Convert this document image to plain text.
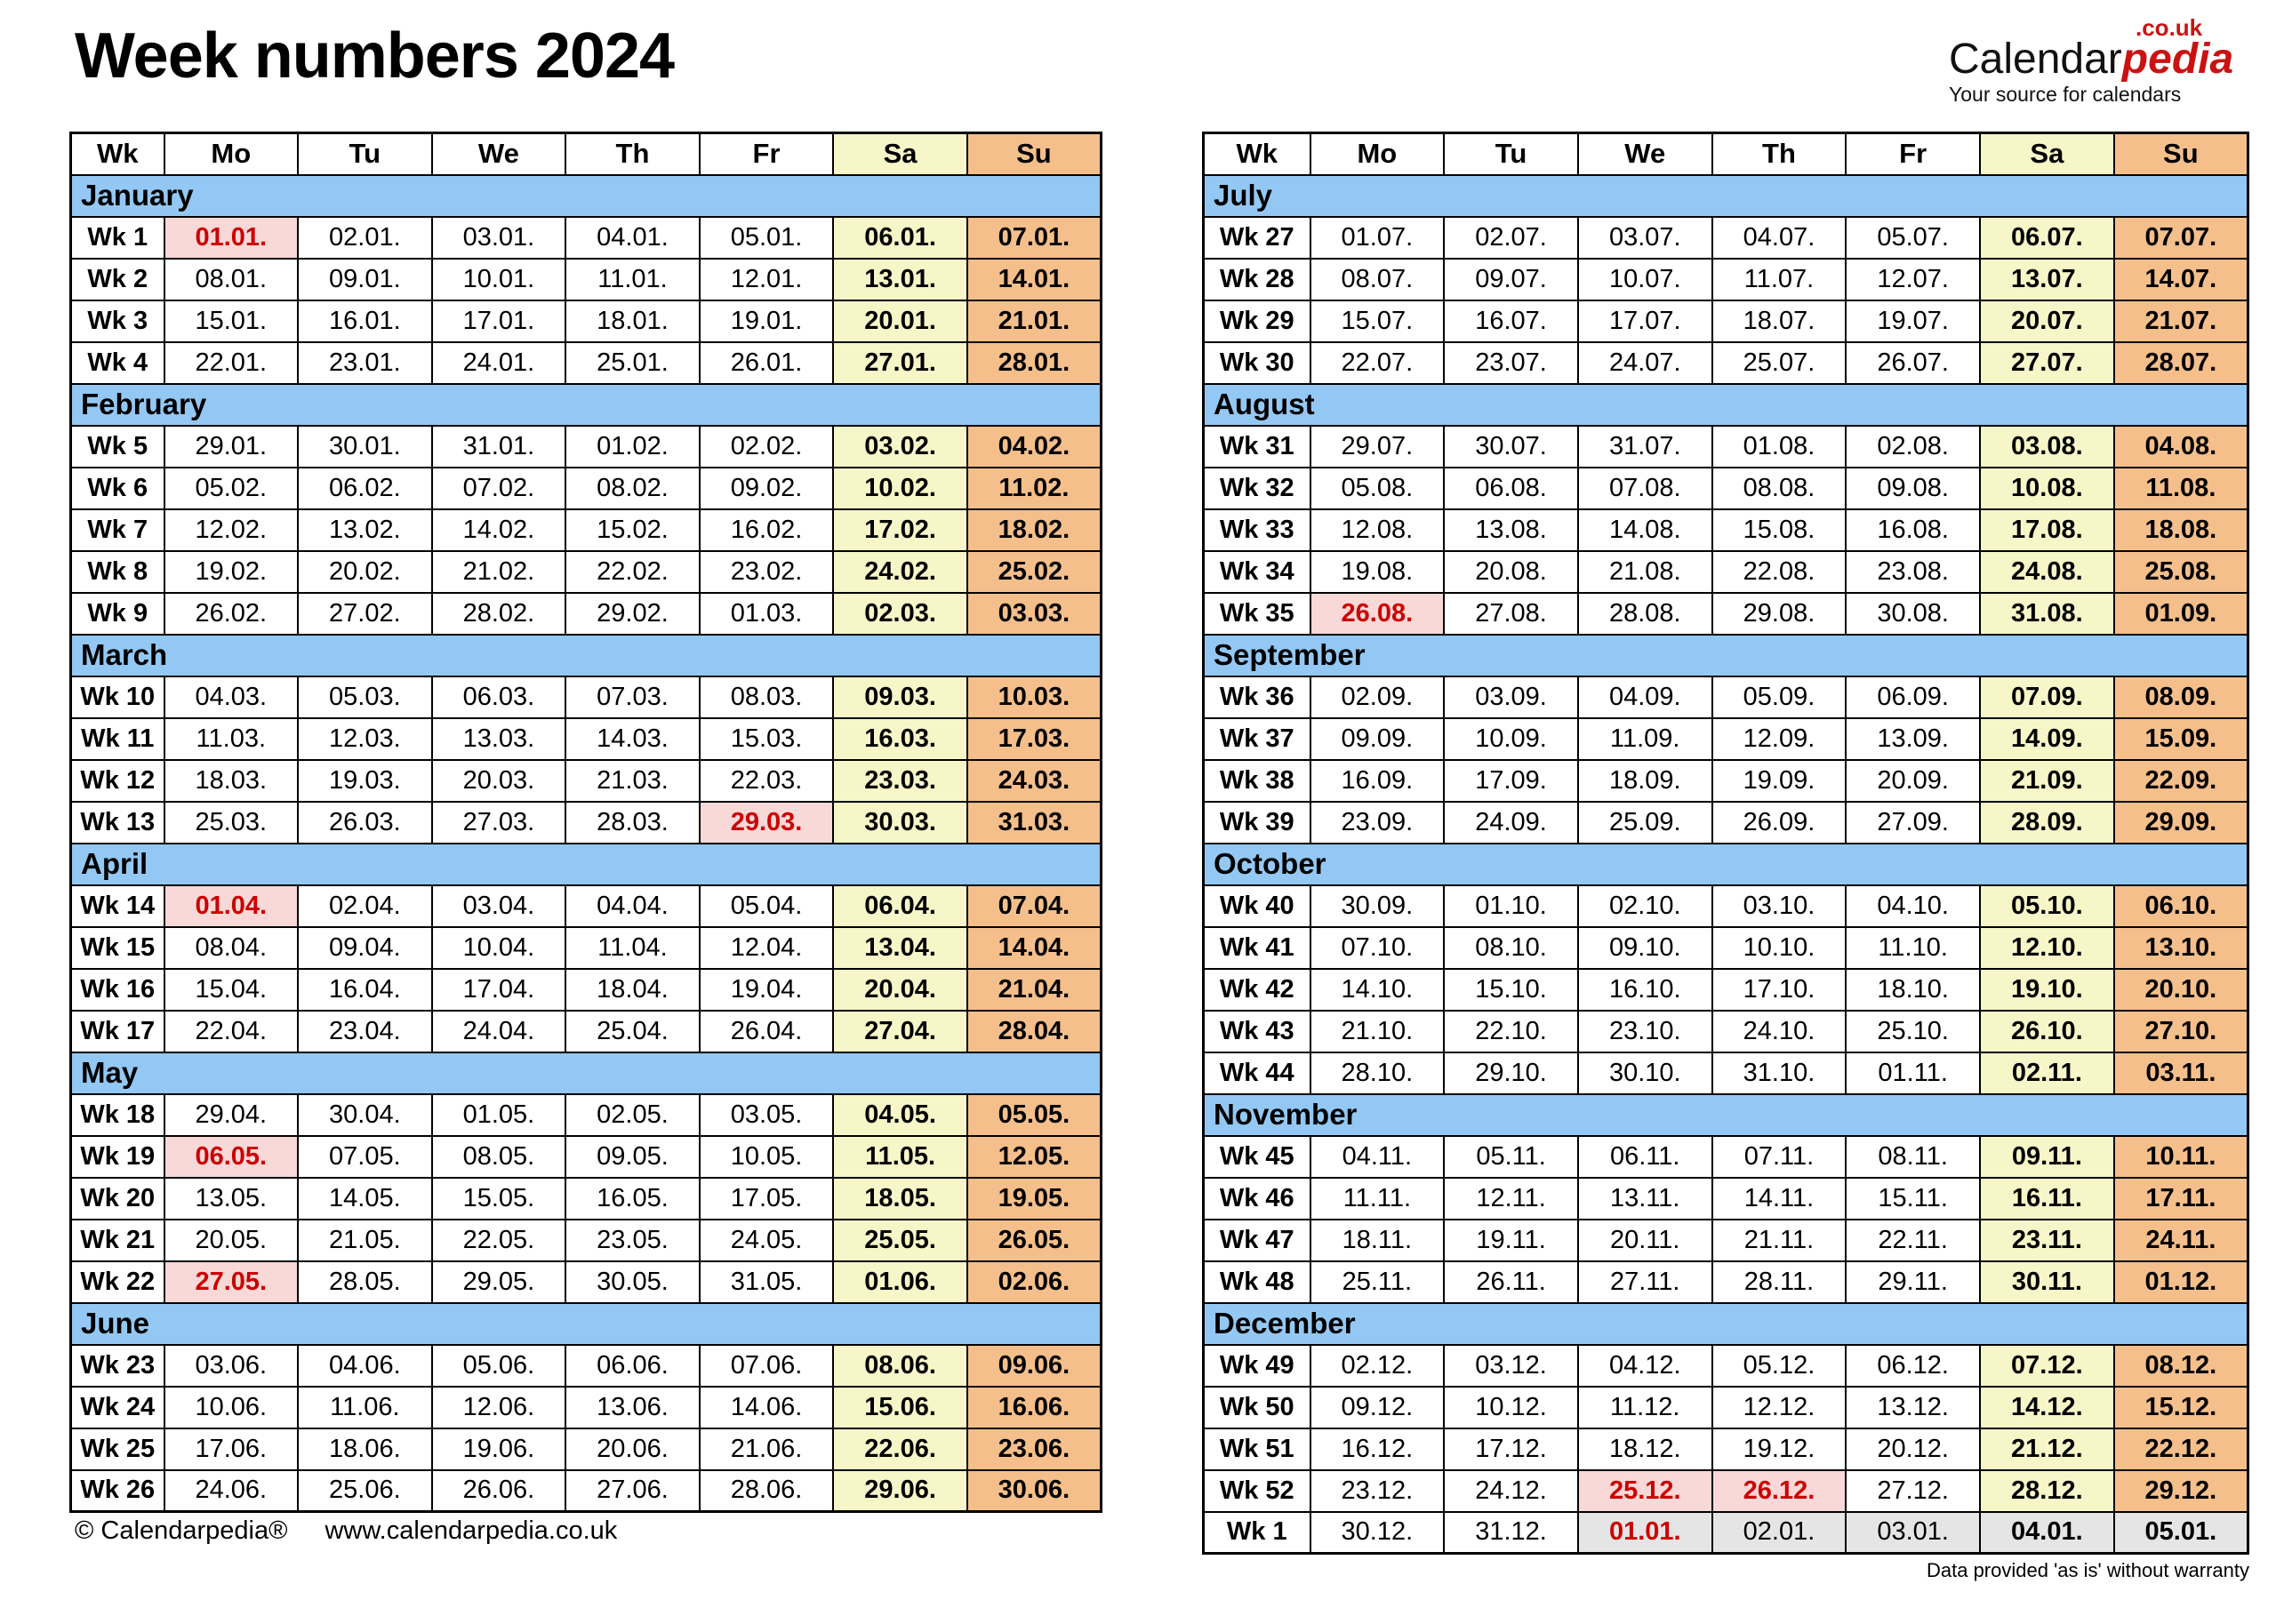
Week numbers 2024	.co.uk
Calendarpedia
Your source for calendars
Wk	Mo	Tu	We	Th	Fr	Sa	Su
January							
Wk 1	01.01.	02.01.	03.01.	04.01.	05.01.	06.01.	07.01.
Wk 2	08.01.	09.01.	10.01.	11.01.	12.01.	13.01.	14.01.
Wk 3	15.01.	16.01.	17.01.	18.01.	19.01.	20.01.	21.01.
Wk 4	22.01.	23.01.	24.01.	25.01.	26.01.	27.01.	28.01.
February							
Wk 5	29.01.	30.01.	31.01.	01.02.	02.02.	03.02.	04.02.
Wk 6	05.02.	06.02.	07.02.	08.02.	09.02.	10.02.	11.02.
Wk 7	12.02.	13.02.	14.02.	15.02.	16.02.	17.02.	18.02.
Wk 8	19.02.	20.02.	21.02.	22.02.	23.02.	24.02.	25.02.
Wk 9	26.02.	27.02.	28.02.	29.02.	01.03.	02.03.	03.03.
March							
Wk 10	04.03.	05.03.	06.03.	07.03.	08.03.	09.03.	10.03.
Wk 11	11.03.	12.03.	13.03.	14.03.	15.03.	16.03.	17.03.
Wk 12	18.03.	19.03.	20.03.	21.03.	22.03.	23.03.	24.03.
Wk 13	25.03.	26.03.	27.03.	28.03.	29.03.	30.03.	31.03.
April							
Wk 14	01.04.	02.04.	03.04.	04.04.	05.04.	06.04.	07.04.
Wk 15	08.04.	09.04.	10.04.	11.04.	12.04.	13.04.	14.04.
Wk 16	15.04.	16.04.	17.04.	18.04.	19.04.	20.04.	21.04.
Wk 17	22.04.	23.04.	24.04.	25.04.	26.04.	27.04.	28.04.
May							
Wk 18	29.04.	30.04.	01.05.	02.05.	03.05.	04.05.	05.05.
Wk 19	06.05.	07.05.	08.05.	09.05.	10.05.	11.05.	12.05.
Wk 20	13.05.	14.05.	15.05.	16.05.	17.05.	18.05.	19.05.
Wk 21	20.05.	21.05.	22.05.	23.05.	24.05.	25.05.	26.05.
Wk 22	27.05.	28.05.	29.05.	30.05.	31.05.	01.06.	02.06.
June							
Wk 23	03.06.	04.06.	05.06.	06.06.	07.06.	08.06.	09.06.
Wk 24	10.06.	11.06.	12.06.	13.06.	14.06.	15.06.	16.06.
Wk 25	17.06.	18.06.	19.06.	20.06.	21.06.	22.06.	23.06.
Wk 26	24.06.	25.06.	26.06.	27.06.	28.06.	29.06.	30.06.
Wk	Mo	Tu	We	Th	Fr	Sa	Su
July							
Wk 27	01.07.	02.07.	03.07.	04.07.	05.07.	06.07.	07.07.
Wk 28	08.07.	09.07.	10.07.	11.07.	12.07.	13.07.	14.07.
Wk 29	15.07.	16.07.	17.07.	18.07.	19.07.	20.07.	21.07.
Wk 30	22.07.	23.07.	24.07.	25.07.	26.07.	27.07.	28.07.
August							
Wk 31	29.07.	30.07.	31.07.	01.08.	02.08.	03.08.	04.08.
Wk 32	05.08.	06.08.	07.08.	08.08.	09.08.	10.08.	11.08.
Wk 33	12.08.	13.08.	14.08.	15.08.	16.08.	17.08.	18.08.
Wk 34	19.08.	20.08.	21.08.	22.08.	23.08.	24.08.	25.08.
Wk 35	26.08.	27.08.	28.08.	29.08.	30.08.	31.08.	01.09.
September							
Wk 36	02.09.	03.09.	04.09.	05.09.	06.09.	07.09.	08.09.
Wk 37	09.09.	10.09.	11.09.	12.09.	13.09.	14.09.	15.09.
Wk 38	16.09.	17.09.	18.09.	19.09.	20.09.	21.09.	22.09.
Wk 39	23.09.	24.09.	25.09.	26.09.	27.09.	28.09.	29.09.
October							
Wk 40	30.09.	01.10.	02.10.	03.10.	04.10.	05.10.	06.10.
Wk 41	07.10.	08.10.	09.10.	10.10.	11.10.	12.10.	13.10.
Wk 42	14.10.	15.10.	16.10.	17.10.	18.10.	19.10.	20.10.
Wk 43	21.10.	22.10.	23.10.	24.10.	25.10.	26.10.	27.10.
Wk 44	28.10.	29.10.	30.10.	31.10.	01.11.	02.11.	03.11.
November							
Wk 45	04.11.	05.11.	06.11.	07.11.	08.11.	09.11.	10.11.
Wk 46	11.11.	12.11.	13.11.	14.11.	15.11.	16.11.	17.11.
Wk 47	18.11.	19.11.	20.11.	21.11.	22.11.	23.11.	24.11.
Wk 48	25.11.	26.11.	27.11.	28.11.	29.11.	30.11.	01.12.
December							
Wk 49	02.12.	03.12.	04.12.	05.12.	06.12.	07.12.	08.12.
Wk 50	09.12.	10.12.	11.12.	12.12.	13.12.	14.12.	15.12.
Wk 51	16.12.	17.12.	18.12.	19.12.	20.12.	21.12.	22.12.
Wk 52	23.12.	24.12.	25.12.	26.12.	27.12.	28.12.	29.12.
Wk 1	30.12.	31.12.	01.01.	02.01.	03.01.	04.01.	05.01.
© Calendarpedia® www.calendarpedia.co.uk
Data provided 'as is' without warranty
